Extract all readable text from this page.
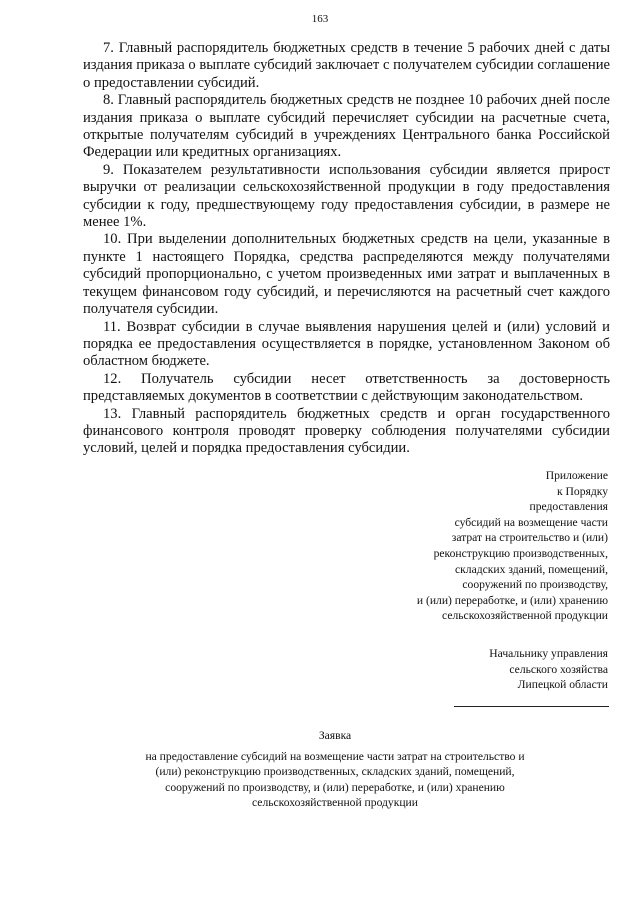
163

7. Главный распорядитель бюджетных средств в течение 5 рабочих дней с даты издания приказа о выплате субсидий заключает с получателем субсидии соглашение о предоставлении субсидий.

8. Главный распорядитель бюджетных средств не позднее 10 рабочих дней после издания приказа о выплате субсидий перечисляет субсидии на расчетные счета, открытые получателям субсидий в учреждениях Центрального банка Российской Федерации или кредитных организациях.

9. Показателем результативности использования субсидии является прирост выручки от реализации сельскохозяйственной продукции в году предоставления субсидии к году, предшествующему году предоставления субсидии, в размере не менее 1%.

10. При выделении дополнительных бюджетных средств на цели, указанные в пункте 1 настоящего Порядка, средства распределяются между получателями субсидий пропорционально, с учетом произведенных ими затрат и выплаченных в текущем финансовом году субсидий, и перечисляются на расчетный счет каждого получателя субсидии.

11. Возврат субсидии в случае выявления нарушения целей и (или) условий и порядка ее предоставления осуществляется в порядке, установленном Законом об областном бюджете.

12. Получатель субсидии несет ответственность за достоверность представляемых документов в соответствии с действующим законодательством.

13. Главный распорядитель бюджетных средств и орган государственного финансового контроля проводят проверку соблюдения получателями субсидии условий, целей и порядка предоставления субсидии.

Приложение
к Порядку
предоставления
субсидий на возмещение части
затрат на строительство и (или)
реконструкцию производственных,
складских зданий, помещений,
сооружений по производству,
и (или) переработке, и (или) хранению
сельскохозяйственной продукции
Начальнику управления
сельского хозяйства
Липецкой области
Заявка
на предоставление субсидий на возмещение части затрат на строительство и
(или) реконструкцию производственных, складских зданий, помещений,
сооружений по производству, и (или) переработке, и (или) хранению
сельскохозяйственной продукции
